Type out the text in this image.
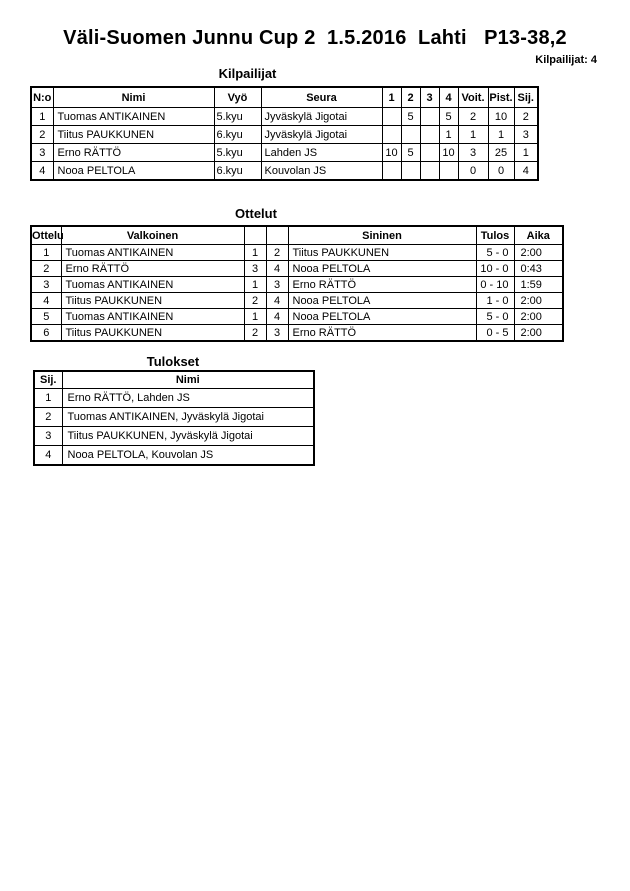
Väli-Suomen Junnu Cup 2  1.5.2016  Lahti   P13-38,2
Kilpailijat: 4
Kilpailijat
N:o	Nimi	Vyö	Seura	1	2	3	4	Voit.	Pist.	Sij.
1	Tuomas ANTIKAINEN	5.kyu	Jyväskylä Jigotai		5		5	2	10	2
2	Tiitus PAUKKUNEN	6.kyu	Jyväskylä Jigotai				1	1	1	3
3	Erno RÄTTÖ	5.kyu	Lahden JS	10	5		10	3	25	1
4	Nooa PELTOLA	6.kyu	Kouvolan JS					0	0	4
Ottelut
Ottelu	Valkoinen			Sininen	Tulos	Aika
1	Tuomas ANTIKAINEN	1	2	Tiitus PAUKKUNEN	5 - 0	2:00
2	Erno RÄTTÖ	3	4	Nooa PELTOLA	10 - 0	0:43
3	Tuomas ANTIKAINEN	1	3	Erno RÄTTÖ	0 - 10	1:59
4	Tiitus PAUKKUNEN	2	4	Nooa PELTOLA	1 - 0	2:00
5	Tuomas ANTIKAINEN	1	4	Nooa PELTOLA	5 - 0	2:00
6	Tiitus PAUKKUNEN	2	3	Erno RÄTTÖ	0 - 5	2:00
Tulokset
Sij.	Nimi
1	Erno RÄTTÖ, Lahden JS
2	Tuomas ANTIKAINEN, Jyväskylä Jigotai
3	Tiitus PAUKKUNEN, Jyväskylä Jigotai
4	Nooa PELTOLA, Kouvolan JS
